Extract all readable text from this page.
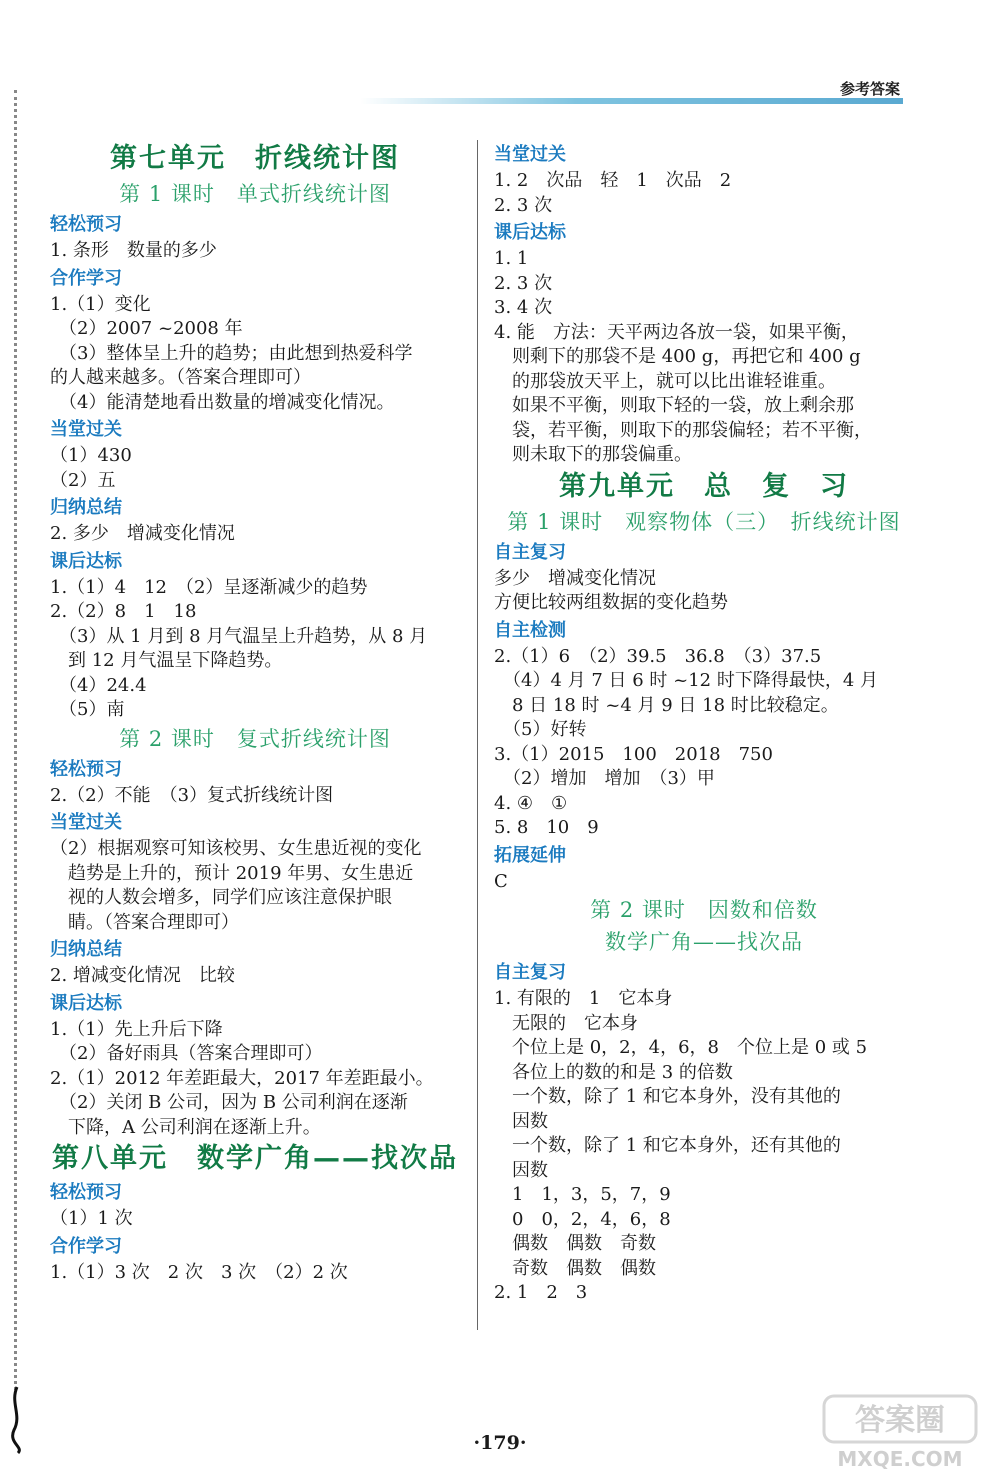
参考答案
第七单元　折线统计图
第 1 课时　单式折线统计图
轻松预习
1. 条形　数量的多少
合作学习
1.（1）变化
　（2）2007 ~2008 年
　（3）整体呈上升的趋势；由此想到热爱科学
的人越来越多。（答案合理即可）
　（4）能清楚地看出数量的增减变化情况。
当堂过关
（1）430
（2）五
归纳总结
2. 多少　增减变化情况
课后达标
1.（1）4　12　（2）呈逐渐减少的趋势
2.（2）8　1　18
　（3）从 1 月到 8 月气温呈上升趋势，从 8 月
　到 12 月气温呈下降趋势。
　（4）24.4
　（5）南
第 2 课时　复式折线统计图
轻松预习
2.（2）不能　（3）复式折线统计图
当堂过关
（2）根据观察可知该校男、女生患近视的变化
　趋势是上升的，预计 2019 年男、女生患近
　视的人数会增多，同学们应该注意保护眼
　睛。（答案合理即可）
归纳总结
2. 增减变化情况　比较
课后达标
1.（1）先上升后下降
　（2）备好雨具（答案合理即可）
2.（1）2012 年差距最大，2017 年差距最小。
　（2）关闭 B 公司，因为 B 公司利润在逐渐
　下降，A 公司利润在逐渐上升。
第八单元　数学广角——找次品
轻松预习
（1）1 次
合作学习
1.（1）3 次　2 次　3 次　（2）2 次
当堂过关
1. 2　次品　轻　1　次品　2
2. 3 次
课后达标
1. 1
2. 3 次
3. 4 次
4. 能　方法：天平两边各放一袋，如果平衡，
　则剩下的那袋不是 400 g，再把它和 400 g
　的那袋放天平上，就可以比出谁轻谁重。
　如果不平衡，则取下轻的一袋，放上剩余那
　袋，若平衡，则取下的那袋偏轻；若不平衡，
　则未取下的那袋偏重。
第九单元　总　复　习
第 1 课时　观察物体（三）　折线统计图
自主复习
多少　增减变化情况
方便比较两组数据的变化趋势
自主检测
2.（1）6　（2）39.5　36.8　（3）37.5
　（4）4 月 7 日 6 时 ~12 时下降得最快，4 月
　8 日 18 时 ~4 月 9 日 18 时比较稳定。
　（5）好转
3.（1）2015　100　2018　750
　（2）增加　增加　（3）甲
4. ④　①
5. 8　10　9
拓展延伸
C
第 2 课时　因数和倍数
数学广角——找次品
自主复习
1. 有限的　1　它本身
　无限的　它本身
　个位上是 0，2，4，6，8　个位上是 0 或 5
　各位上的数的和是 3 的倍数
　一个数，除了 1 和它本身外，没有其他的
　因数
　一个数，除了 1 和它本身外，还有其他的
　因数
　1　1，3，5，7，9
　0　0，2，4，6，8
　偶数　偶数　奇数
　奇数　偶数　偶数
2. 1　2　3
·179·
答案圈
MXQE.COM
